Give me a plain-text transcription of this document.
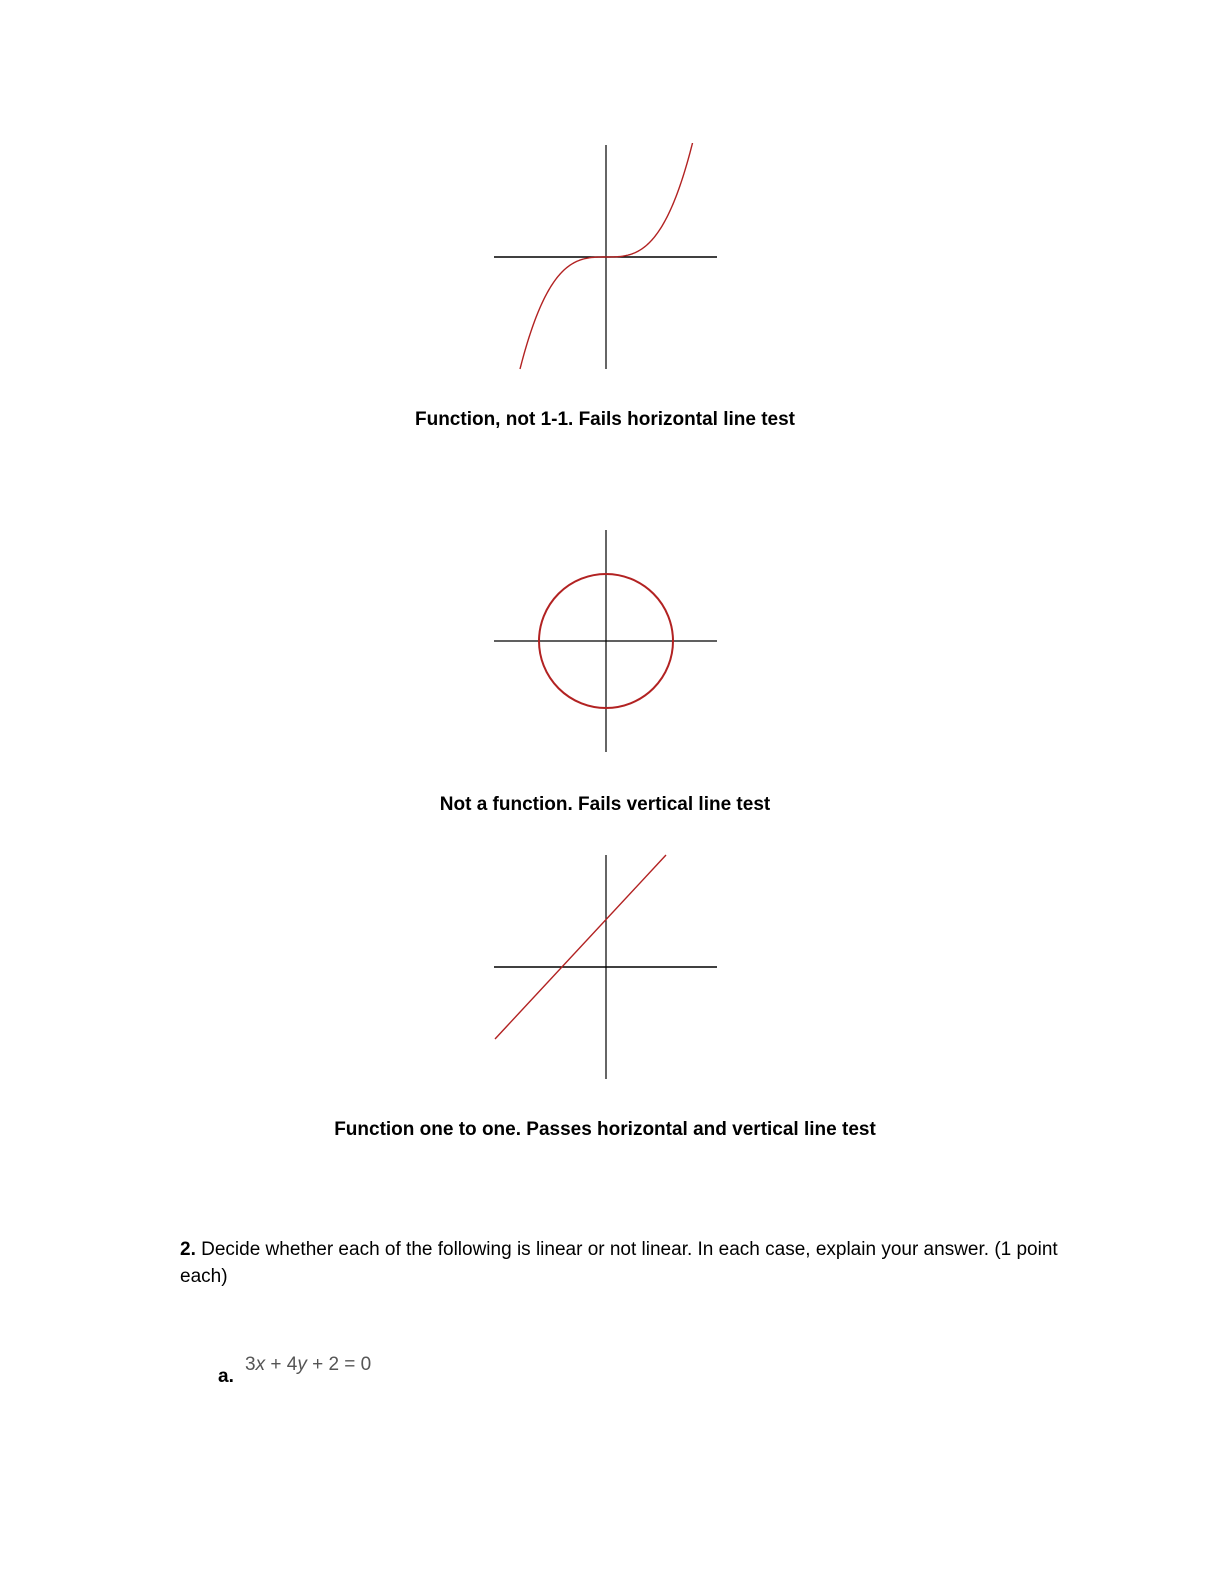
Function, not 1-1. Fails horizontal line test
Not a function. Fails vertical line test
Function one to one. Passes horizontal and vertical line test
2. Decide whether each of the following is linear or not linear. In each case, explain your answer. (1 point each)
a.
3x + 4y + 2 = 0
